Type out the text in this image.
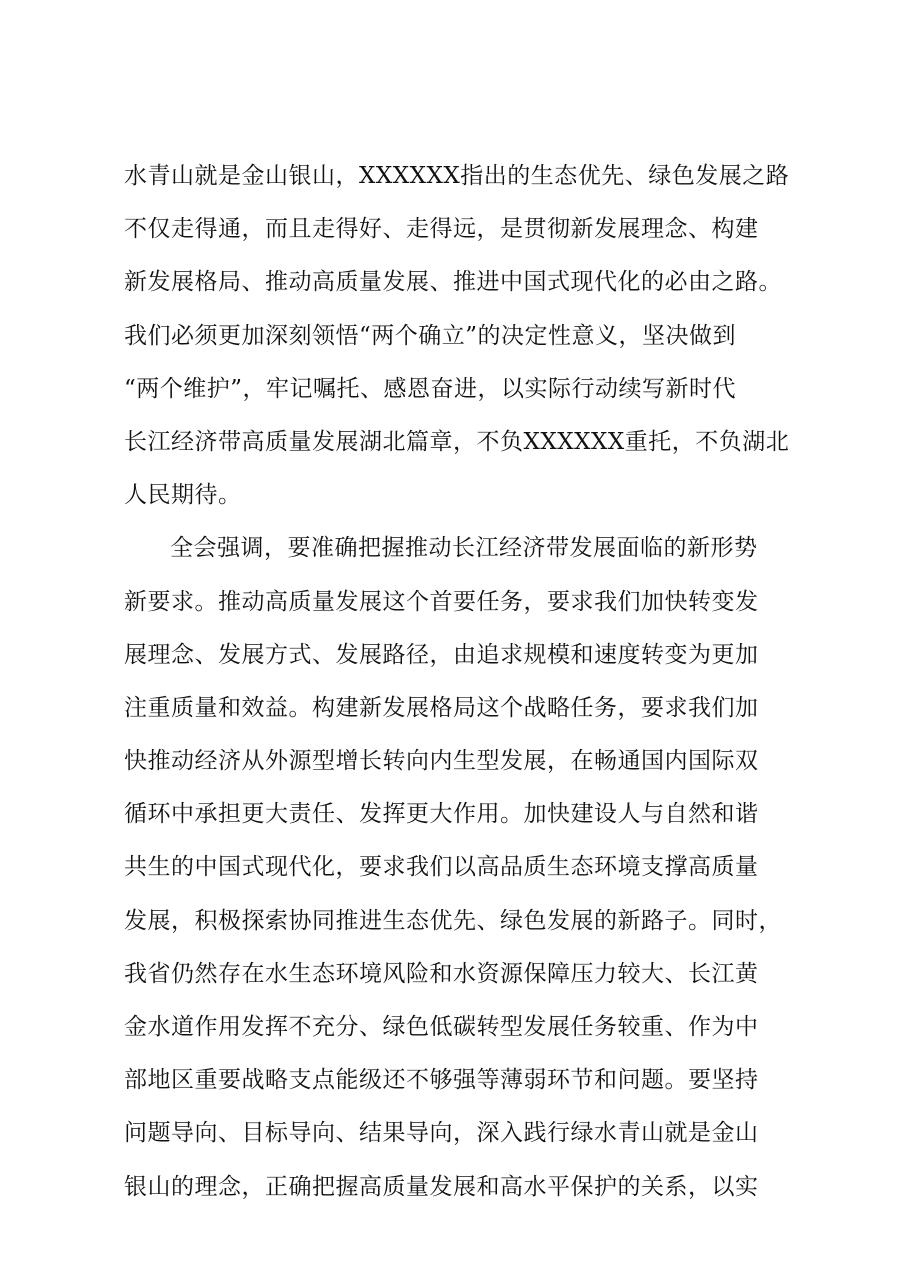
水青山就是金山银山，XXXXXX指出的生态优先、绿色发展之路
不仅走得通，而且走得好、走得远，是贯彻新发展理念、构建
新发展格局、推动高质量发展、推进中国式现代化的必由之路。
我们必须更加深刻领悟“两个确立”的决定性意义，坚决做到
“两个维护”，牢记嘱托、感恩奋进，以实际行动续写新时代
长江经济带高质量发展湖北篇章，不负XXXXXX重托，不负湖北
人民期待。
全会强调，要准确把握推动长江经济带发展面临的新形势
新要求。推动高质量发展这个首要任务，要求我们加快转变发
展理念、发展方式、发展路径，由追求规模和速度转变为更加
注重质量和效益。构建新发展格局这个战略任务，要求我们加
快推动经济从外源型增长转向内生型发展，在畅通国内国际双
循环中承担更大责任、发挥更大作用。加快建设人与自然和谐
共生的中国式现代化，要求我们以高品质生态环境支撑高质量
发展，积极探索协同推进生态优先、绿色发展的新路子。同时，
我省仍然存在水生态环境风险和水资源保障压力较大、长江黄
金水道作用发挥不充分、绿色低碳转型发展任务较重、作为中
部地区重要战略支点能级还不够强等薄弱环节和问题。要坚持
问题导向、目标导向、结果导向，深入践行绿水青山就是金山
银山的理念，正确把握高质量发展和高水平保护的关系，以实
